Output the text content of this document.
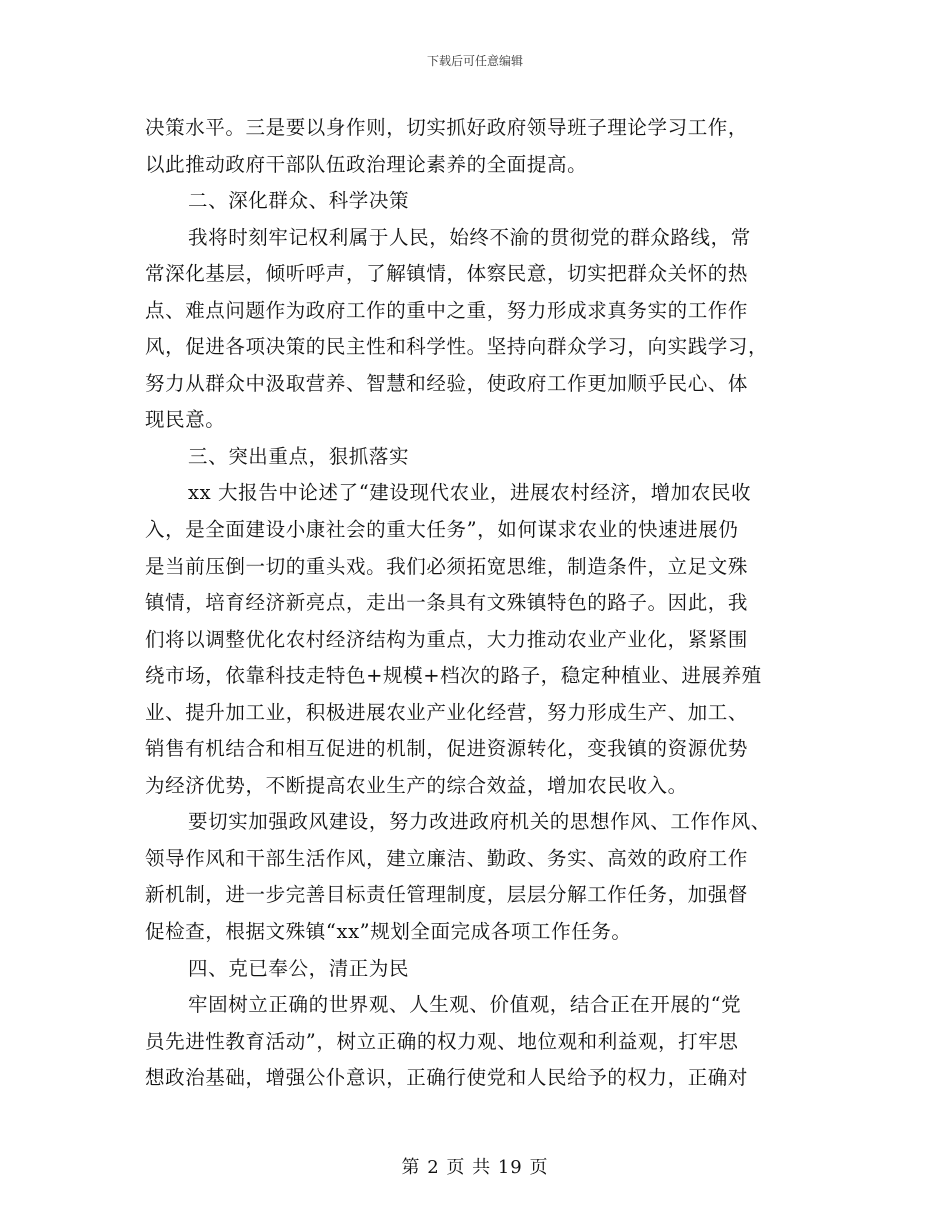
下载后可任意编辑
决策水平。三是要以身作则，切实抓好政府领导班子理论学习工作，
以此推动政府干部队伍政治理论素养的全面提高。
二、深化群众、科学决策
我将时刻牢记权利属于人民，始终不渝的贯彻党的群众路线，常
常深化基层，倾听呼声，了解镇情，体察民意，切实把群众关怀的热
点、难点问题作为政府工作的重中之重，努力形成求真务实的工作作
风，促进各项决策的民主性和科学性。坚持向群众学习，向实践学习，
努力从群众中汲取营养、智慧和经验，使政府工作更加顺乎民心、体
现民意。
三、突出重点，狠抓落实
xx 大报告中论述了“建设现代农业，进展农村经济，增加农民收
入，是全面建设小康社会的重大任务”，如何谋求农业的快速进展仍
是当前压倒一切的重头戏。我们必须拓宽思维，制造条件，立足文殊
镇情，培育经济新亮点，走出一条具有文殊镇特色的路子。因此，我
们将以调整优化农村经济结构为重点，大力推动农业产业化，紧紧围
绕市场，依靠科技走特色+规模+档次的路子，稳定种植业、进展养殖
业、提升加工业，积极进展农业产业化经营，努力形成生产、加工、
销售有机结合和相互促进的机制，促进资源转化，变我镇的资源优势
为经济优势，不断提高农业生产的综合效益，增加农民收入。
要切实加强政风建设，努力改进政府机关的思想作风、工作作风、
领导作风和干部生活作风，建立廉洁、勤政、务实、高效的政府工作
新机制，进一步完善目标责任管理制度，层层分解工作任务，加强督
促检查，根据文殊镇“xx”规划全面完成各项工作任务。
四、克已奉公，清正为民
牢固树立正确的世界观、人生观、价值观，结合正在开展的“党
员先进性教育活动”，树立正确的权力观、地位观和利益观，打牢思
想政治基础，增强公仆意识，正确行使党和人民给予的权力，正确对
第 2 页 共 19 页
